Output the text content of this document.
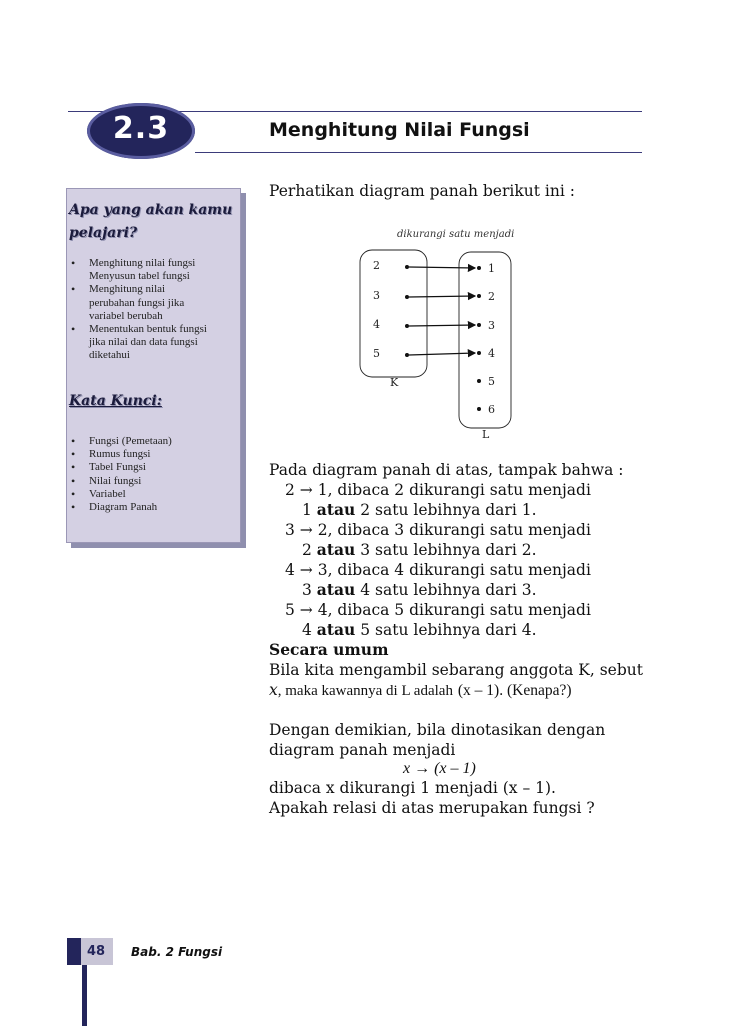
2.3	Menghitung Nilai Fungsi
Apa yang akan kamu
pelajari?
• Menghitung nilai fungsi
Menyusun tabel fungsi
• Menghitung nilai
perubahan fungsi jika
variabel berubah
• Menentukan bentuk fungsi
jika nilai dan data fungsi
diketahui
Kata Kunci:
• Fungsi (Pemetaan)
• Rumus fungsi
• Tabel Fungsi
• Nilai fungsi
• Variabel
• Diagram Panah
Perhatikan diagram panah berikut ini :
dikurangi satu menjadi
2
3
4
5
1
2
3
4
5
6
K
L
Pada diagram panah di atas, tampak bahwa :
2 → 1, dibaca 2 dikurangi satu menjadi
1 atau 2 satu lebihnya dari 1.
3 → 2, dibaca 3 dikurangi satu menjadi
2 atau 3 satu lebihnya dari 2.
4 → 3, dibaca 4 dikurangi satu menjadi
3 atau 4 satu lebihnya dari 3.
5 → 4, dibaca 5 dikurangi satu menjadi
4 atau 5 satu lebihnya dari 4.
Secara umum
Bila kita mengambil sebarang anggota K, sebut
x, maka kawannya di L adalah (x – 1). (Kenapa?)
Dengan demikian, bila dinotasikan dengan
diagram panah menjadi
x → (x – 1)
dibaca x dikurangi 1 menjadi (x – 1).
Apakah relasi di atas merupakan fungsi ?
48 Bab. 2 Fungsi
